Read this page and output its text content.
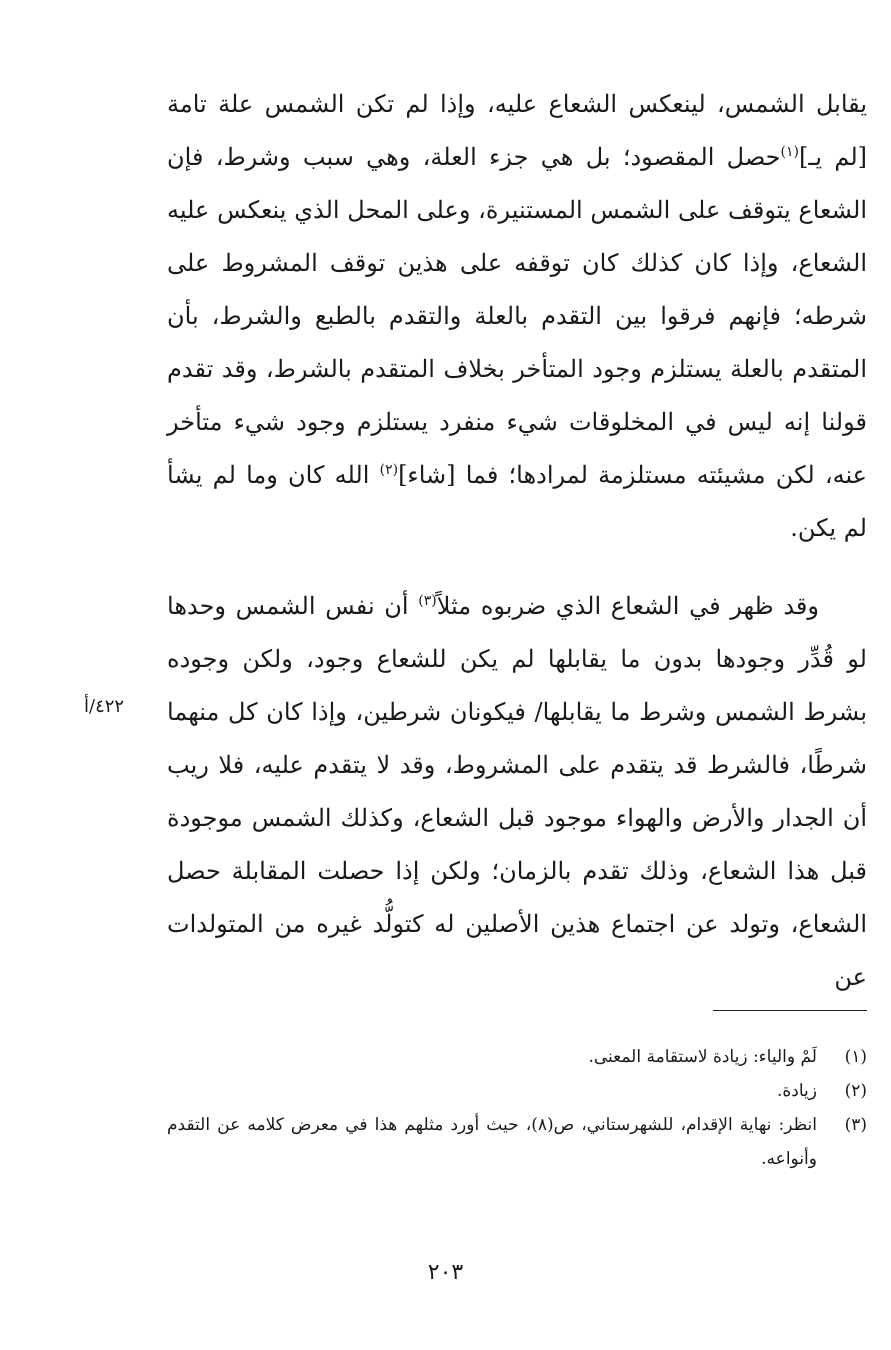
يقابل الشمس، لينعكس الشعاع عليه، وإذا لم تكن الشمس علة تامة [لم يـ]$^{(١)}$حصل المقصود؛ بل هي جزء العلة، وهي سبب وشرط، فإن الشعاع يتوقف على الشمس المستنيرة، وعلى المحل الذي ينعكس عليه الشعاع، وإذا كان كذلك كان توقفه على هذين توقف المشروط على شرطه؛ فإنهم فرقوا بين التقدم بالعلة والتقدم بالطبع والشرط، بأن المتقدم بالعلة يستلزم وجود المتأخر بخلاف المتقدم بالشرط، وقد تقدم قولنا إنه ليس في المخلوقات شيء منفرد يستلزم وجود شيء متأخر عنه، لكن مشيئته مستلزمة لمرادها؛ فما [شاء]$^{(٢)}$ الله كان وما لم يشأ لم يكن.
وقد ظهر في الشعاع الذي ضربوه مثلاً$^{(٣)}$ أن نفس الشمس وحدها لو قُدِّر وجودها بدون ما يقابلها لم يكن للشعاع وجود، ولكن وجوده بشرط الشمس وشرط ما يقابلها/ فيكونان شرطين، وإذا كان كل منهما شرطًا، فالشرط قد يتقدم على المشروط، وقد لا يتقدم عليه، فلا ريب أن الجدار والأرض والهواء موجود قبل الشعاع، وكذلك الشمس موجودة قبل هذا الشعاع، وذلك تقدم بالزمان؛ ولكن إذا حصلت المقابلة حصل الشعاع، وتولد عن اجتماع هذين الأصلين له كتولُّد غيره من المتولدات عن
٤٢٢/أ
(١)
لَمْ والياء: زيادة لاستقامة المعنى.
(٢)
زيادة.
(٣)
انظر: نهاية الإقدام، للشهرستاني، ص(٨)، حيث أورد مثلهم هذا في معرض كلامه عن التقدم وأنواعه.
٢٠٣
